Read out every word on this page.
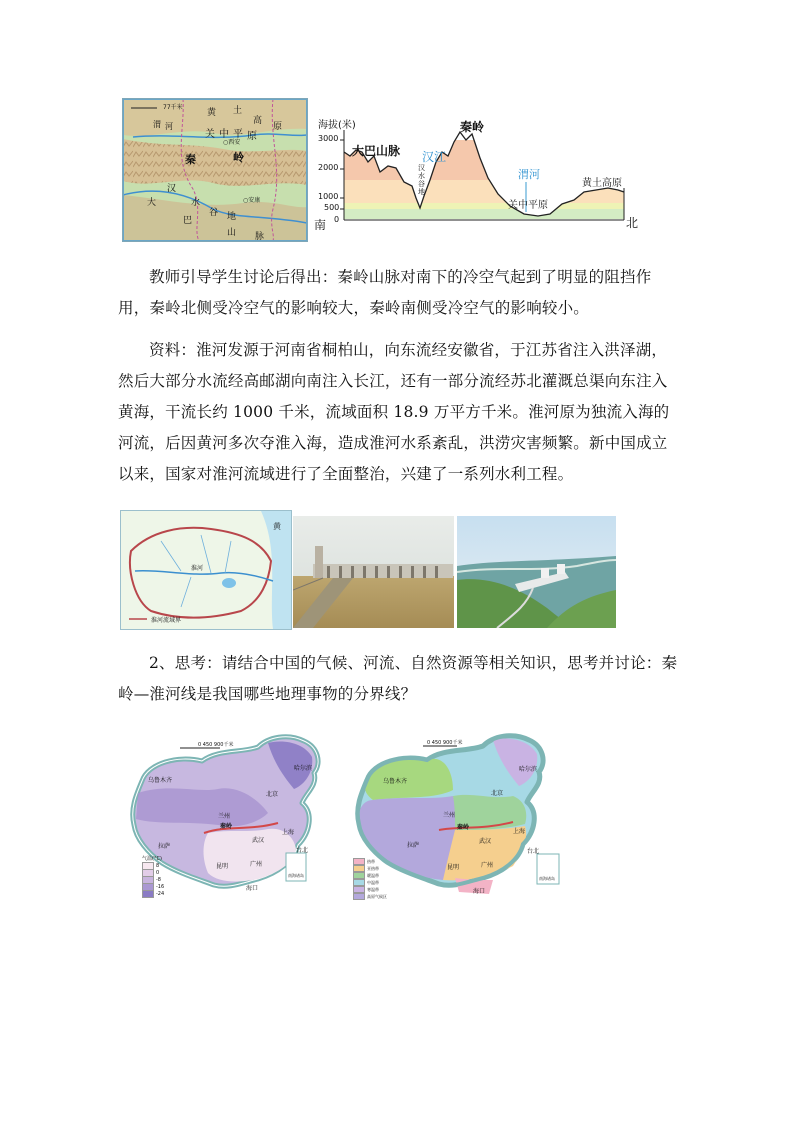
77千米
黄 土
高
原
关 中 平 原
○西安
秦	岭
汉
水
谷 地
大
巴
山
○安康
脉
渭 河	海拔(米)
3000
2000
1000
500
0
南	北
大巴山脉
秦岭
黄土高原
关中平原
汉水谷地
汉江
渭河
教师引导学生讨论后得出：秦岭山脉对南下的冷空气起到了明显的阻挡作用，秦岭北侧受冷空气的影响较大，秦岭南侧受冷空气的影响较小。
资料：淮河发源于河南省桐柏山，向东流经安徽省，于江苏省注入洪泽湖，然后大部分水流经高邮湖向南注入长江，还有一部分流经苏北灌溉总渠向东注入黄海，干流长约 1000 千米，流域面积 18.9 万平方千米。淮河原为独流入海的河流，后因黄河多次夺淮入海，造成淮河水系紊乱，洪涝灾害频繁。新中国成立以来，国家对淮河流域进行了全面整治，兴建了一系列水利工程。
黄
淮河流域界
淮河
2、思考：请结合中国的气候、河流、自然资源等相关知识，思考并讨论：秦岭—淮河线是我国哪些地理事物的分界线？
0 450 900千米
哈尔滨
乌鲁木齐
北京
兰州
秦岭
上海
武汉
拉萨
昆明	广州
台北
海口
南海诸岛
气温(°C)
8
0
-8
-16
-24
0 450 900千米
哈尔滨
乌鲁木齐
北京
兰州
秦岭
上海
武汉
拉萨
昆明	广州
台北
海口
南海诸岛
热带
亚热带
暖温带
中温带
寒温带
高原气候区
